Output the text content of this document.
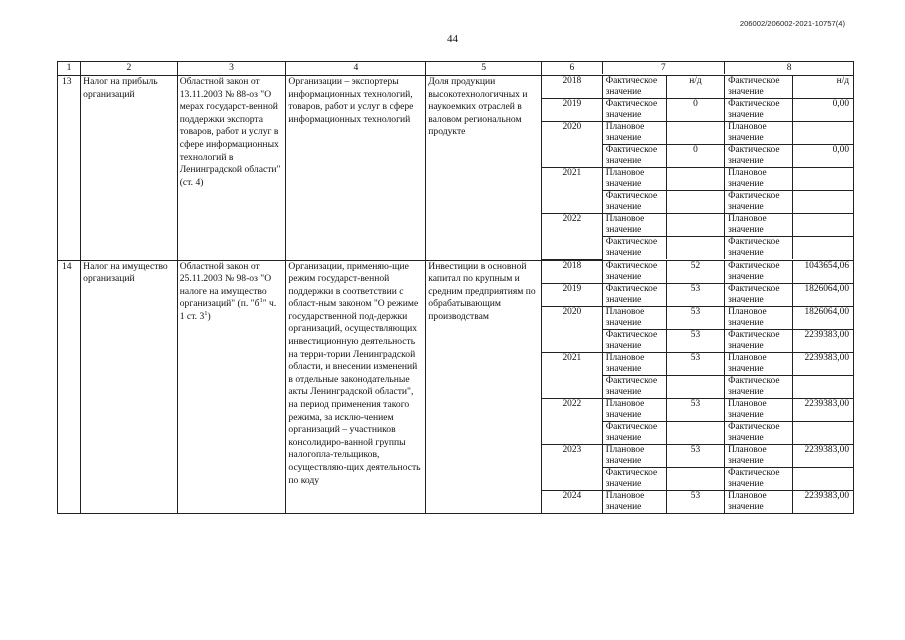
206002/206002-2021-10757(4)
44
1	2	3	4	5		6	7	8

13	Налог на прибыль организаций	Областной закон от 13.11.2003 № 88-оз "О мерах государст-венной поддержки экспорта товаров, работ и услуг в сфере информационных технологий в Ленинградской области" (ст. 4)	Организации – экспортеры информационных технологий, товаров, работ и услуг в сфере информационных технологий	Доля продукции высокотехнологичных и наукоемких отраслей в валовом региональном продукте	
2018	Фактическое значение	н/д	Фактическое значение	н/д
2019	Фактическое значение	0	Фактическое значение	0,00
2020	Плановое значение		Плановое значение	
Фактическое значение	0	Фактическое значение	0,00
2021	Плановое значение		Плановое значение	
Фактическое значение		Фактическое значение	
2022	Плановое значение		Плановое значение	
Фактическое значение		Фактическое значение	

14	Налог на имущество организаций	Областной закон от 25.11.2003 № 98-оз "О налоге на имущество организаций" (п. "$б^1$" ч. 1 ст. $3^1$)	Организации, применяю-щие режим государст-венной поддержки в соответствии с област-ным законом "О режиме государственной под-держки организаций, осуществляющих инвестиционную деятельность на терри-тории Ленинградской области, и внесении изменений в отдельные законодательные акты Ленинградской области", на период применения такого режима, за исклю-чением организаций – участников консолидиро-ванной группы налогопла-тельщиков, осуществляю-щих деятельность по коду	Инвестиции в основной капитал по крупным и средним предприятиям по обрабатывающим производствам	
2018	Фактическое значение	52	Фактическое значение	1043654,06
2019	Фактическое значение	53	Фактическое значение	1826064,00
2020	Плановое значение	53	Плановое значение	1826064,00
Фактическое значение	53	Фактическое значение	2239383,00
2021	Плановое значение	53	Плановое значение	2239383,00
Фактическое значение		Фактическое значение	
2022	Плановое значение	53	Плановое значение	2239383,00
Фактическое значение		Фактическое значение	
2023	Плановое значение	53	Плановое значение	2239383,00
Фактическое значение		Фактическое значение	
2024	Плановое значение	53	Плановое значение	2239383,00
